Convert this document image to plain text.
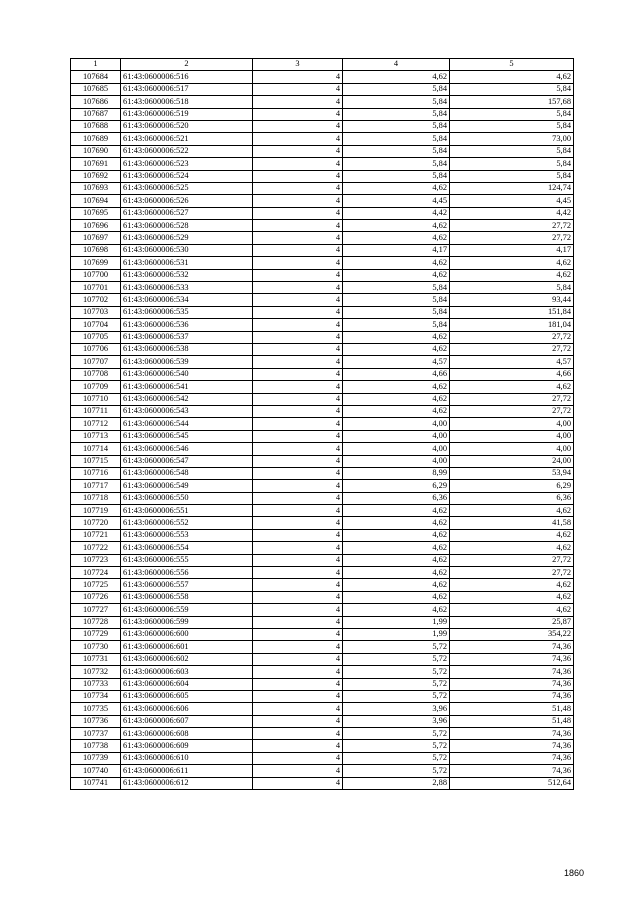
1	2	3	4	5
107684	61:43:0600006:516	4	4,62	4,62
107685	61:43:0600006:517	4	5,84	5,84
107686	61:43:0600006:518	4	5,84	157,68
107687	61:43:0600006:519	4	5,84	5,84
107688	61:43:0600006:520	4	5,84	5,84
107689	61:43:0600006:521	4	5,84	73,00
107690	61:43:0600006:522	4	5,84	5,84
107691	61:43:0600006:523	4	5,84	5,84
107692	61:43:0600006:524	4	5,84	5,84
107693	61:43:0600006:525	4	4,62	124,74
107694	61:43:0600006:526	4	4,45	4,45
107695	61:43:0600006:527	4	4,42	4,42
107696	61:43:0600006:528	4	4,62	27,72
107697	61:43:0600006:529	4	4,62	27,72
107698	61:43:0600006:530	4	4,17	4,17
107699	61:43:0600006:531	4	4,62	4,62
107700	61:43:0600006:532	4	4,62	4,62
107701	61:43:0600006:533	4	5,84	5,84
107702	61:43:0600006:534	4	5,84	93,44
107703	61:43:0600006:535	4	5,84	151,84
107704	61:43:0600006:536	4	5,84	181,04
107705	61:43:0600006:537	4	4,62	27,72
107706	61:43:0600006:538	4	4,62	27,72
107707	61:43:0600006:539	4	4,57	4,57
107708	61:43:0600006:540	4	4,66	4,66
107709	61:43:0600006:541	4	4,62	4,62
107710	61:43:0600006:542	4	4,62	27,72
107711	61:43:0600006:543	4	4,62	27,72
107712	61:43:0600006:544	4	4,00	4,00
107713	61:43:0600006:545	4	4,00	4,00
107714	61:43:0600006:546	4	4,00	4,00
107715	61:43:0600006:547	4	4,00	24,00
107716	61:43:0600006:548	4	8,99	53,94
107717	61:43:0600006:549	4	6,29	6,29
107718	61:43:0600006:550	4	6,36	6,36
107719	61:43:0600006:551	4	4,62	4,62
107720	61:43:0600006:552	4	4,62	41,58
107721	61:43:0600006:553	4	4,62	4,62
107722	61:43:0600006:554	4	4,62	4,62
107723	61:43:0600006:555	4	4,62	27,72
107724	61:43:0600006:556	4	4,62	27,72
107725	61:43:0600006:557	4	4,62	4,62
107726	61:43:0600006:558	4	4,62	4,62
107727	61:43:0600006:559	4	4,62	4,62
107728	61:43:0600006:599	4	1,99	25,87
107729	61:43:0600006:600	4	1,99	354,22
107730	61:43:0600006:601	4	5,72	74,36
107731	61:43:0600006:602	4	5,72	74,36
107732	61:43:0600006:603	4	5,72	74,36
107733	61:43:0600006:604	4	5,72	74,36
107734	61:43:0600006:605	4	5,72	74,36
107735	61:43:0600006:606	4	3,96	51,48
107736	61:43:0600006:607	4	3,96	51,48
107737	61:43:0600006:608	4	5,72	74,36
107738	61:43:0600006:609	4	5,72	74,36
107739	61:43:0600006:610	4	5,72	74,36
107740	61:43:0600006:611	4	5,72	74,36
107741	61:43:0600006:612	4	2,88	512,64
1860
